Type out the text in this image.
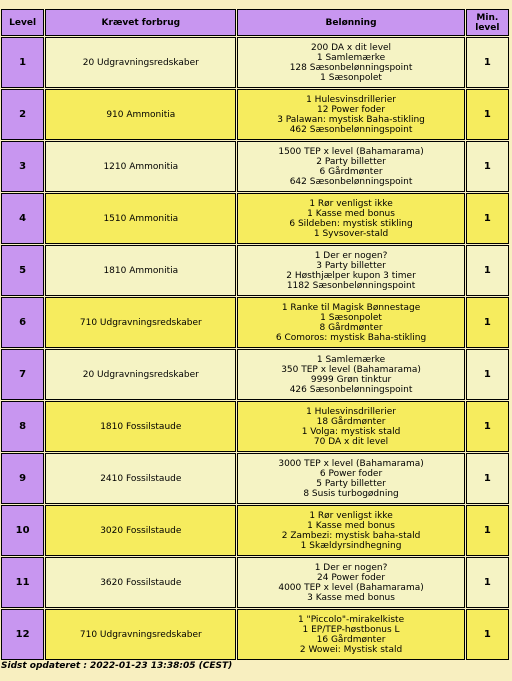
Level	Krævet forbrug	Belønning	Min. level
1	20 Udgravningsredskaber	200 DA x dit level
1 Samlemærke
128 Sæsonbelønningspoint
1 Sæsonpolet	1
2	910 Ammonitia	1 Hulesvinsdrillerier
12 Power foder
3 Palawan: mystisk Baha-stikling
462 Sæsonbelønningspoint	1
3	1210 Ammonitia	1500 TEP x level (Bahamarama)
2 Party billetter
6 Gårdmønter
642 Sæsonbelønningspoint	1
4	1510 Ammonitia	1 Rør venligst ikke
1 Kasse med bonus
6 Sildeben: mystisk stikling
1 Syvsover-stald	1
5	1810 Ammonitia	1 Der er nogen?
3 Party billetter
2 Høsthjælper kupon 3 timer
1182 Sæsonbelønningspoint	1
6	710 Udgravningsredskaber	1 Ranke til Magisk Bønnestage
1 Sæsonpolet
8 Gårdmønter
6 Comoros: mystisk Baha-stikling	1
7	20 Udgravningsredskaber	1 Samlemærke
350 TEP x level (Bahamarama)
9999 Grøn tinktur
426 Sæsonbelønningspoint	1
8	1810 Fossilstaude	1 Hulesvinsdrillerier
18 Gårdmønter
1 Volga: mystisk stald
70 DA x dit level	1
9	2410 Fossilstaude	3000 TEP x level (Bahamarama)
6 Power foder
5 Party billetter
8 Susis turbogødning	1
10	3020 Fossilstaude	1 Rør venligst ikke
1 Kasse med bonus
2 Zambezi: mystisk baha-stald
1 Skældyrsindhegning	1
11	3620 Fossilstaude	1 Der er nogen?
24 Power foder
4000 TEP x level (Bahamarama)
3 Kasse med bonus	1
12	710 Udgravningsredskaber	1 "Piccolo"-mirakelkiste
1 EP/TEP-høstbonus L
16 Gårdmønter
2 Wowei: Mystisk stald	1
Sidst opdateret : 2022-01-23 13:38:05 (CEST)
